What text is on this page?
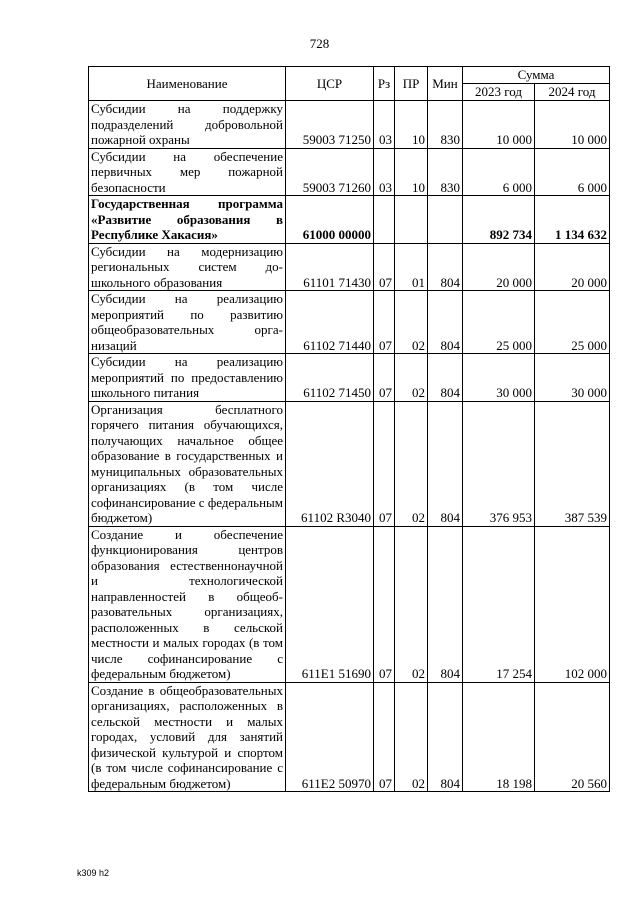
728
Наименование	ЦСР	Рз	ПР	Мин	Сумма	
					2023 год	2024 год
Субсидии на поддержку подразделений добровольной пожарной охраны	59003 71250	03	10	830	10 000	10 000
Субсидии на обеспечение первичных мер пожарной безопасности	59003 71260	03	10	830	6 000	6 000
Государственная программа «Развитие образования в Республике Хакасия»	61000 00000				892 734	1 134 632
Субсидии на модернизацию региональных систем дошкольного образования	61101 71430	07	01	804	20 000	20 000
Субсидии на реализацию мероприятий по развитию общеобразовательных организаций	61102 71440	07	02	804	25 000	25 000
Субсидии на реализацию мероприятий по предоставлению школьного питания	61102 71450	07	02	804	30 000	30 000
Организация бесплатного горячего питания обучающихся, получающих начальное общее образование в государственных и муниципальных образовательных организациях (в том числе софинансирование с федеральным бюджетом)	61102 R3040	07	02	804	376 953	387 539
Создание и обеспечение функционирования центров образования естественнонаучной и технологической направленностей в общеобразовательных организациях, расположенных в сельской местности и малых городах (в том числе софинансирование с федеральным бюджетом)	611E1 51690	07	02	804	17 254	102 000
Создание в общеобразовательных организациях, расположенных в сельской местности и малых городах, условий для занятий физической культурой и спортом (в том числе софинансирование с федеральным бюджетом)	611E2 50970	07	02	804	18 198	20 560
k309 h2
